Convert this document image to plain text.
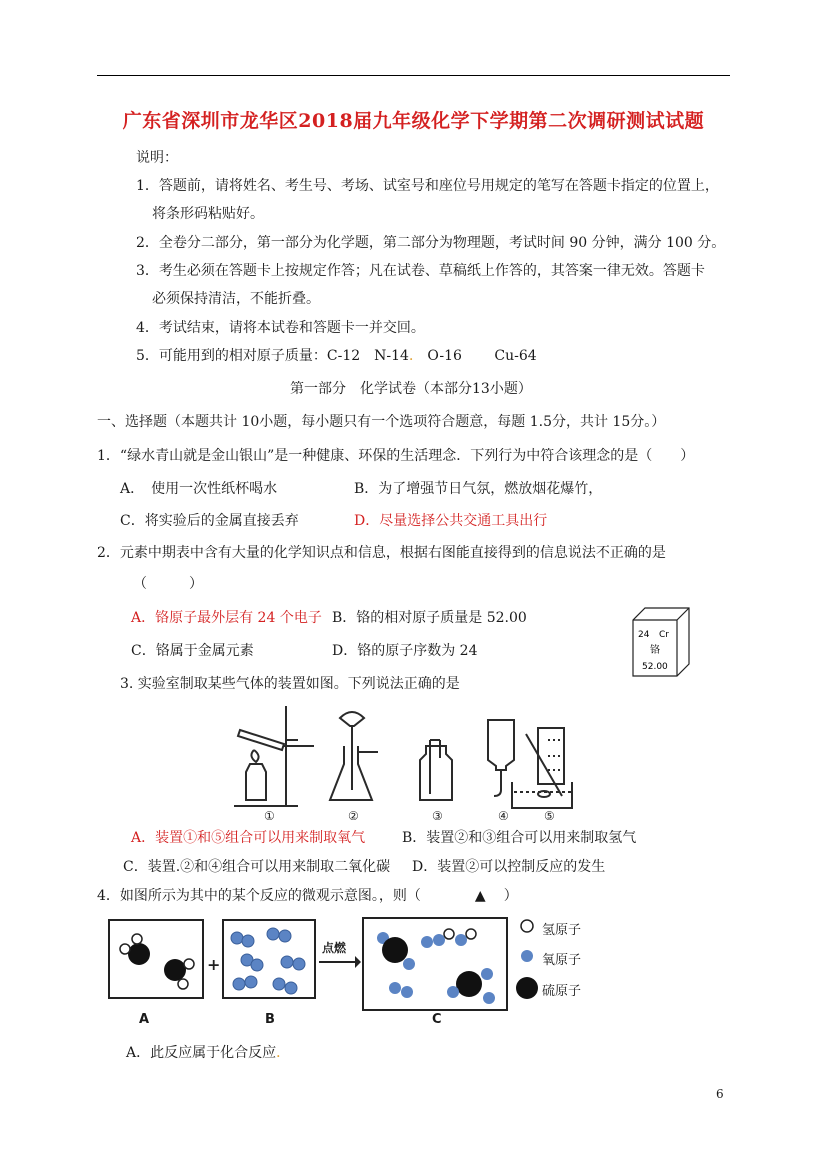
广东省深圳市龙华区2018届九年级化学下学期第二次调研测试试题
说明：
1．答题前，请将姓名、考生号、考场、试室号和座位号用规定的笔写在答题卡指定的位置上，
将条形码粘贴好。
2．全卷分二部分，第一部分为化学题，第二部分为物理题，考试时间 90 分钟，满分 100 分。
3．考生必须在答题卡上按规定作答；凡在试卷、草稿纸上作答的，其答案一律无效。答题卡
必须保持清洁，不能折叠。
4．考试结束，请将本试卷和答题卡一并交回。
5．可能用到的相对原子质量：C-12　N-14． O-16　　 Cu-64
第一部分　化学试卷（本部分13小题）
一、选择题（本题共计 10小题，每小题只有一个选项符合题意，每题 1.5分，共计 15分。）
1．“绿水青山就是金山银山”是一种健康、环保的生活理念．下列行为中符合该理念的是（　　）
A．　使用一次性纸杯喝水	B．为了增强节日气氛，燃放烟花爆竹，
C．将实验后的金属直接丢弃	D．尽量选择公共交通工具出行
2．元素中期表中含有大量的化学知识点和信息，根据右图能直接得到的信息说法不正确的是
（　　　）
A．铬原子最外层有 24 个电子 B．铬的相对原子质量是 52.00
C．铬属于金属元素	D．铬的原子序数为 24
24 Cr
铬
52.00
3. 实验室制取某些气体的装置如图。下列说法正确的是
①	②	③	④	⑤
A．装置①和⑤组合可以用来制取氧气	B．装置②和③组合可以用来制取氢气
C．装置.②和④组合可以用来制取二氧化碳 D．装置②可以控制反应的发生
4．如图所示为其中的某个反应的微观示意图。，则（	▲ ）
+
点燃
氢原子
氧原子
硫原子
A	B	C
A．此反应属于化合反应．
6
